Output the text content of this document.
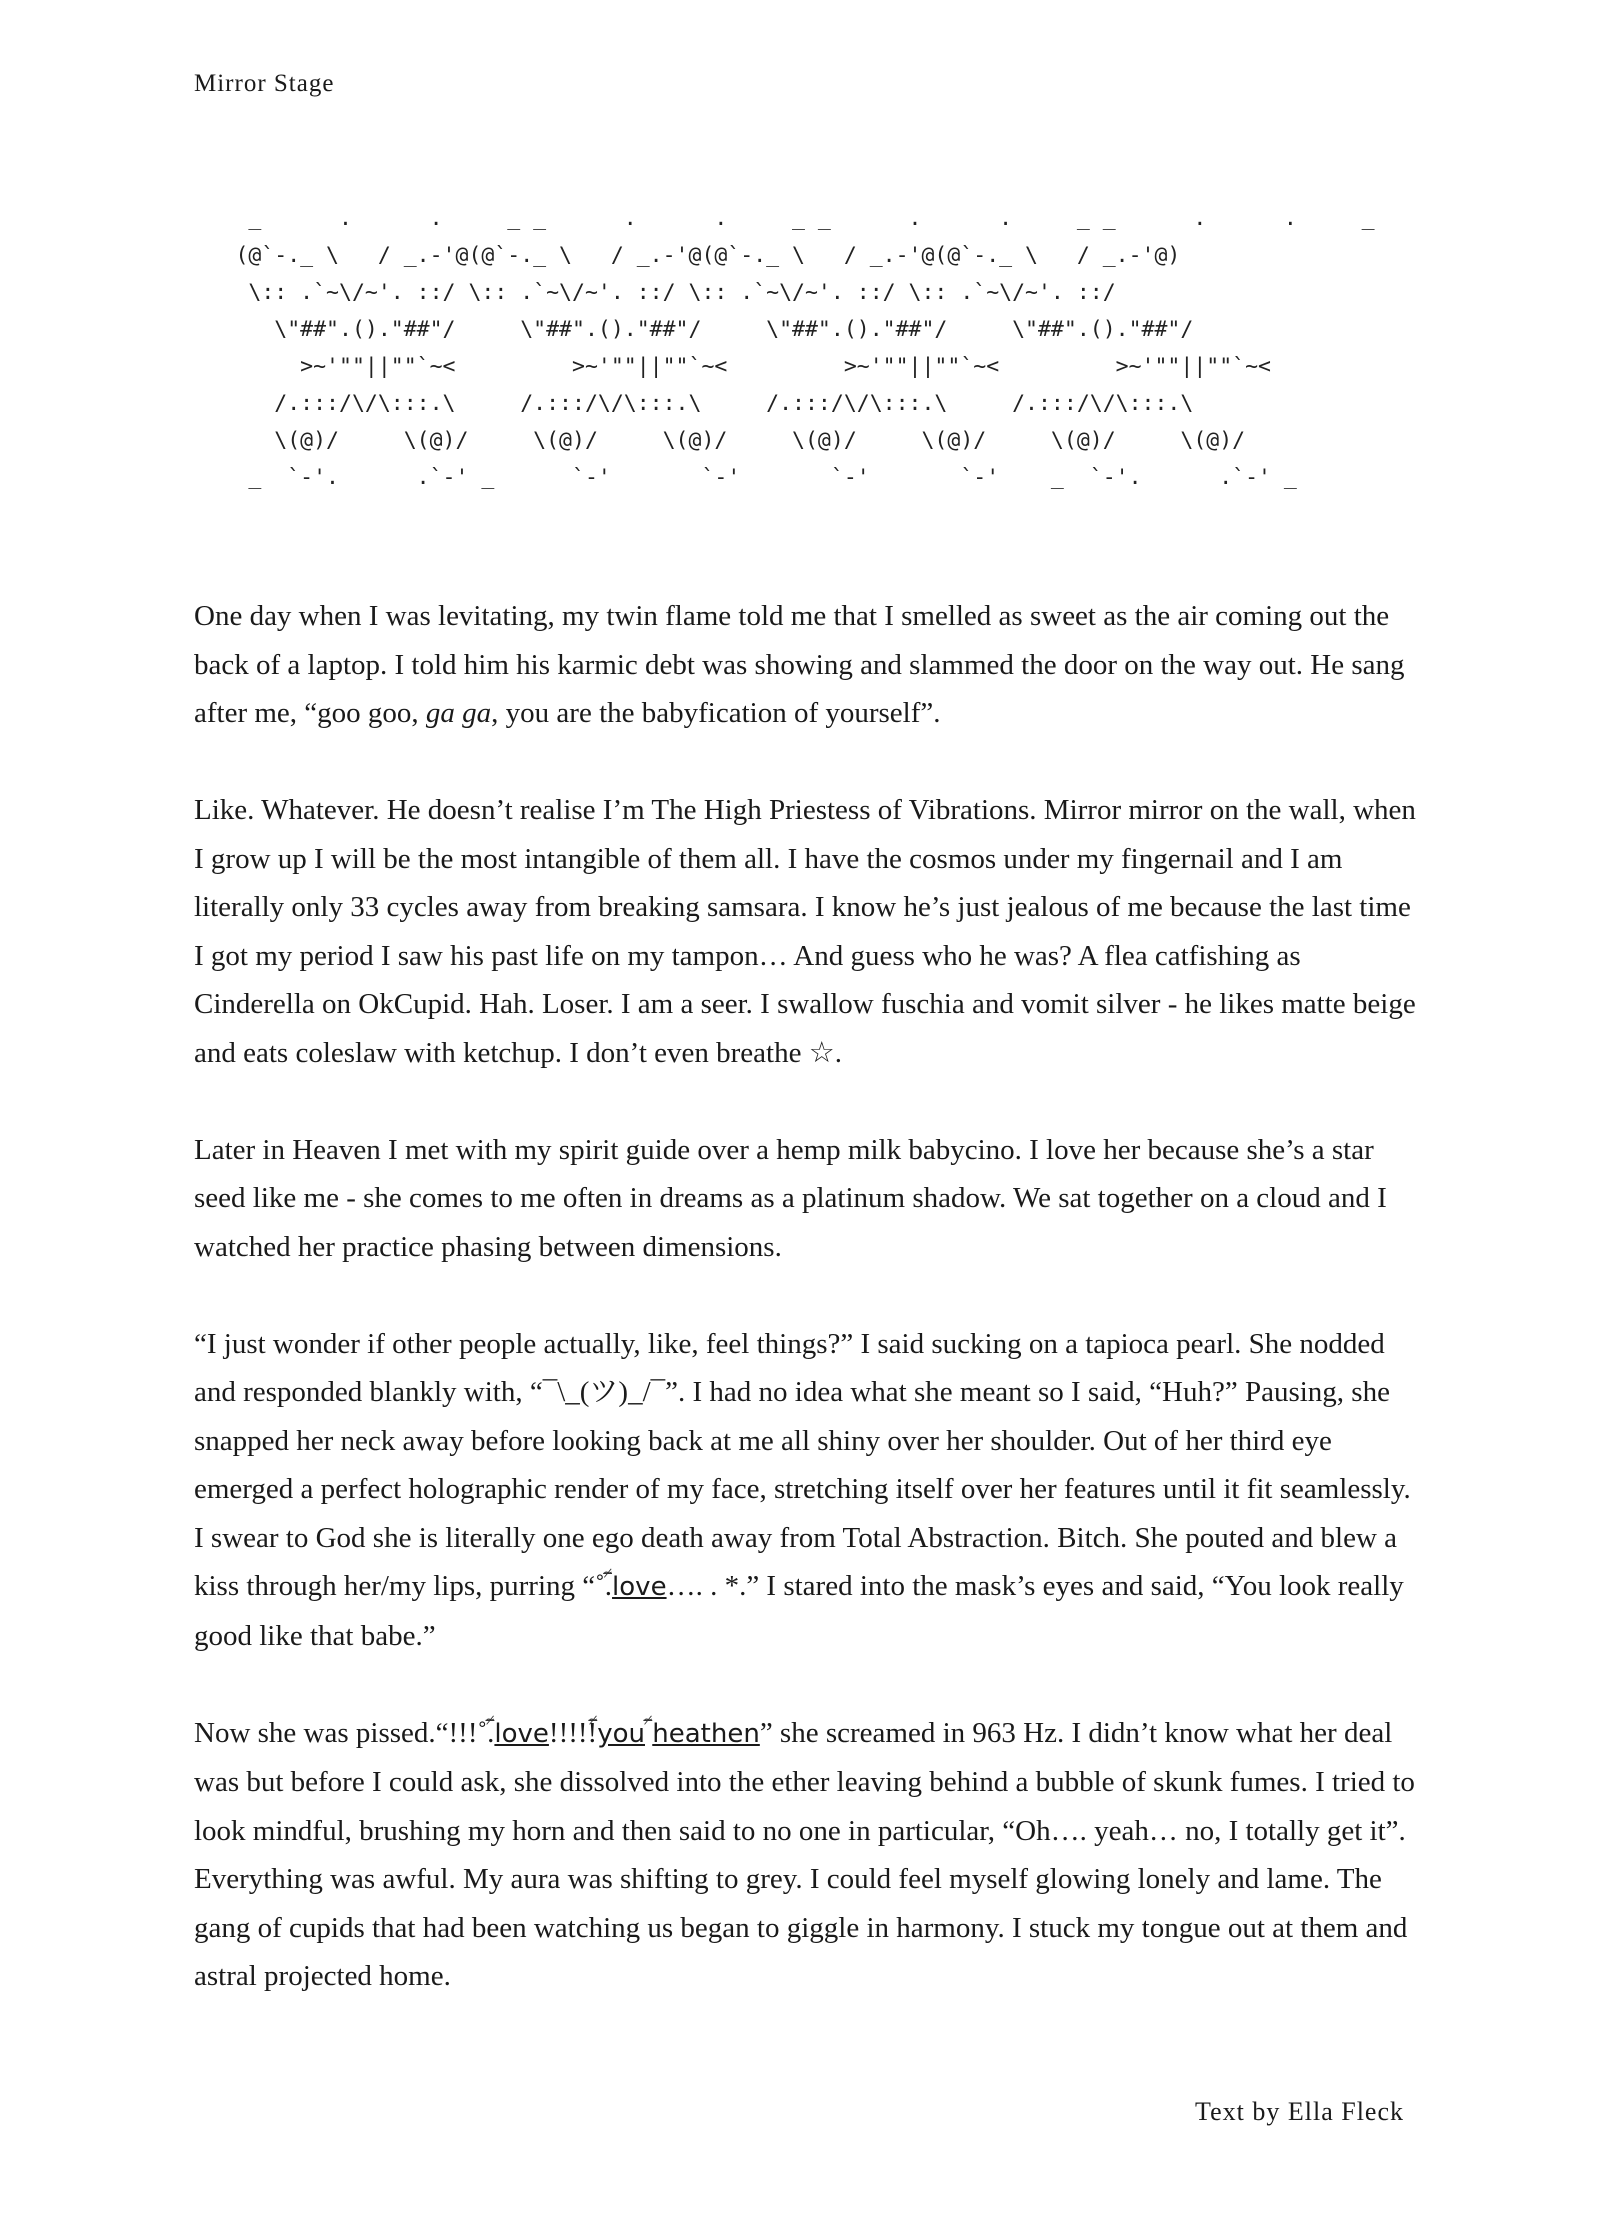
Mirror Stage
_      .      .     _ _      .      .     _ _      .      .     _ _      .      .     _
(@`-._ \   / _.-'@(@`-._ \   / _.-'@(@`-._ \   / _.-'@(@`-._ \   / _.-'@)
\:: .`~\/~'. ::/ \:: .`~\/~'. ::/ \:: .`~\/~'. ::/ \:: .`~\/~'. ::/
\"##".()."##"/     \"##".()."##"/     \"##".()."##"/     \"##".()."##"/
>~'""||""`~<         >~'""||""`~<         >~'""||""`~<         >~'""||""`~<
/.:::/\/\:::.\     /.:::/\/\:::.\     /.:::/\/\:::.\     /.:::/\/\:::.\
\(@)/     \(@)/     \(@)/     \(@)/     \(@)/     \(@)/     \(@)/     \(@)/
_  `-'.      .`-' _      `-'       `-'       `-'       `-'    _  `-'.      .`-' _

One day when I was levitating, my twin flame told me that I smelled as sweet as the air coming out the back of a laptop. I told him his karmic debt was showing and slammed the door on the way out. He sang after me, “goo goo, ga ga, you are the babyfication of yourself”.

Like. Whatever. He doesn’t realise I’m The High Priestess of Vibrations. Mirror mirror on the wall, when I grow up I will be the most intangible of them all. I have the cosmos under my fingernail and I am literally only 33 cycles away from breaking samsara. I know he’s just jealous of me because the last time I got my period I saw his past life on my tampon… And guess who he was? A flea catfishing as Cinderella on OkCupid. Hah. Loser. I am a seer. I swallow fuschia and vomit silver - he likes matte beige and eats coleslaw with ketchup. I don’t even breathe ☆.

Later in Heaven I met with my spirit guide over a hemp milk babycino. I love her because she’s a star seed like me - she comes to me often in dreams as a platinum shadow. We sat together on a cloud and I watched her practice phasing between dimensions.

“I just wonder if other people actually, like, feel things?” I said sucking on a tapioca pearl. She nodded and responded blankly with, “¯\_(ツ)_/¯”. I had no idea what she meant so I said, “Huh?” Pausing, she snapped her neck away before looking back at me all shiny over her shoulder. Out of her third eye emerged a perfect holographic render of my face, stretching itself over her features until it fit seamlessly. I swear to God she is literally one ego death away from Total Abstraction. Bitch. She pouted and blew a kiss through her/my lips, purring “˚.̶̵̴̷ love…. . *.” I stared into the mask’s eyes and said, “You look really good like that babe.”

Now she was pissed.“!!!˚.̶̵̴̷ love!!!!!̶̵̴̷ you ̶̵̴̷ heathen” she screamed in 963 Hz. I didn’t know what her deal was but before I could ask, she dissolved into the ether leaving behind a bubble of skunk fumes. I tried to look mindful, brushing my horn and then said to no one in particular, “Oh…. yeah… no, I totally get it”. Everything was awful. My aura was shifting to grey. I could feel myself glowing lonely and lame. The gang of cupids that had been watching us began to giggle in harmony. I stuck my tongue out at them and astral projected home.

Text by Ella Fleck
